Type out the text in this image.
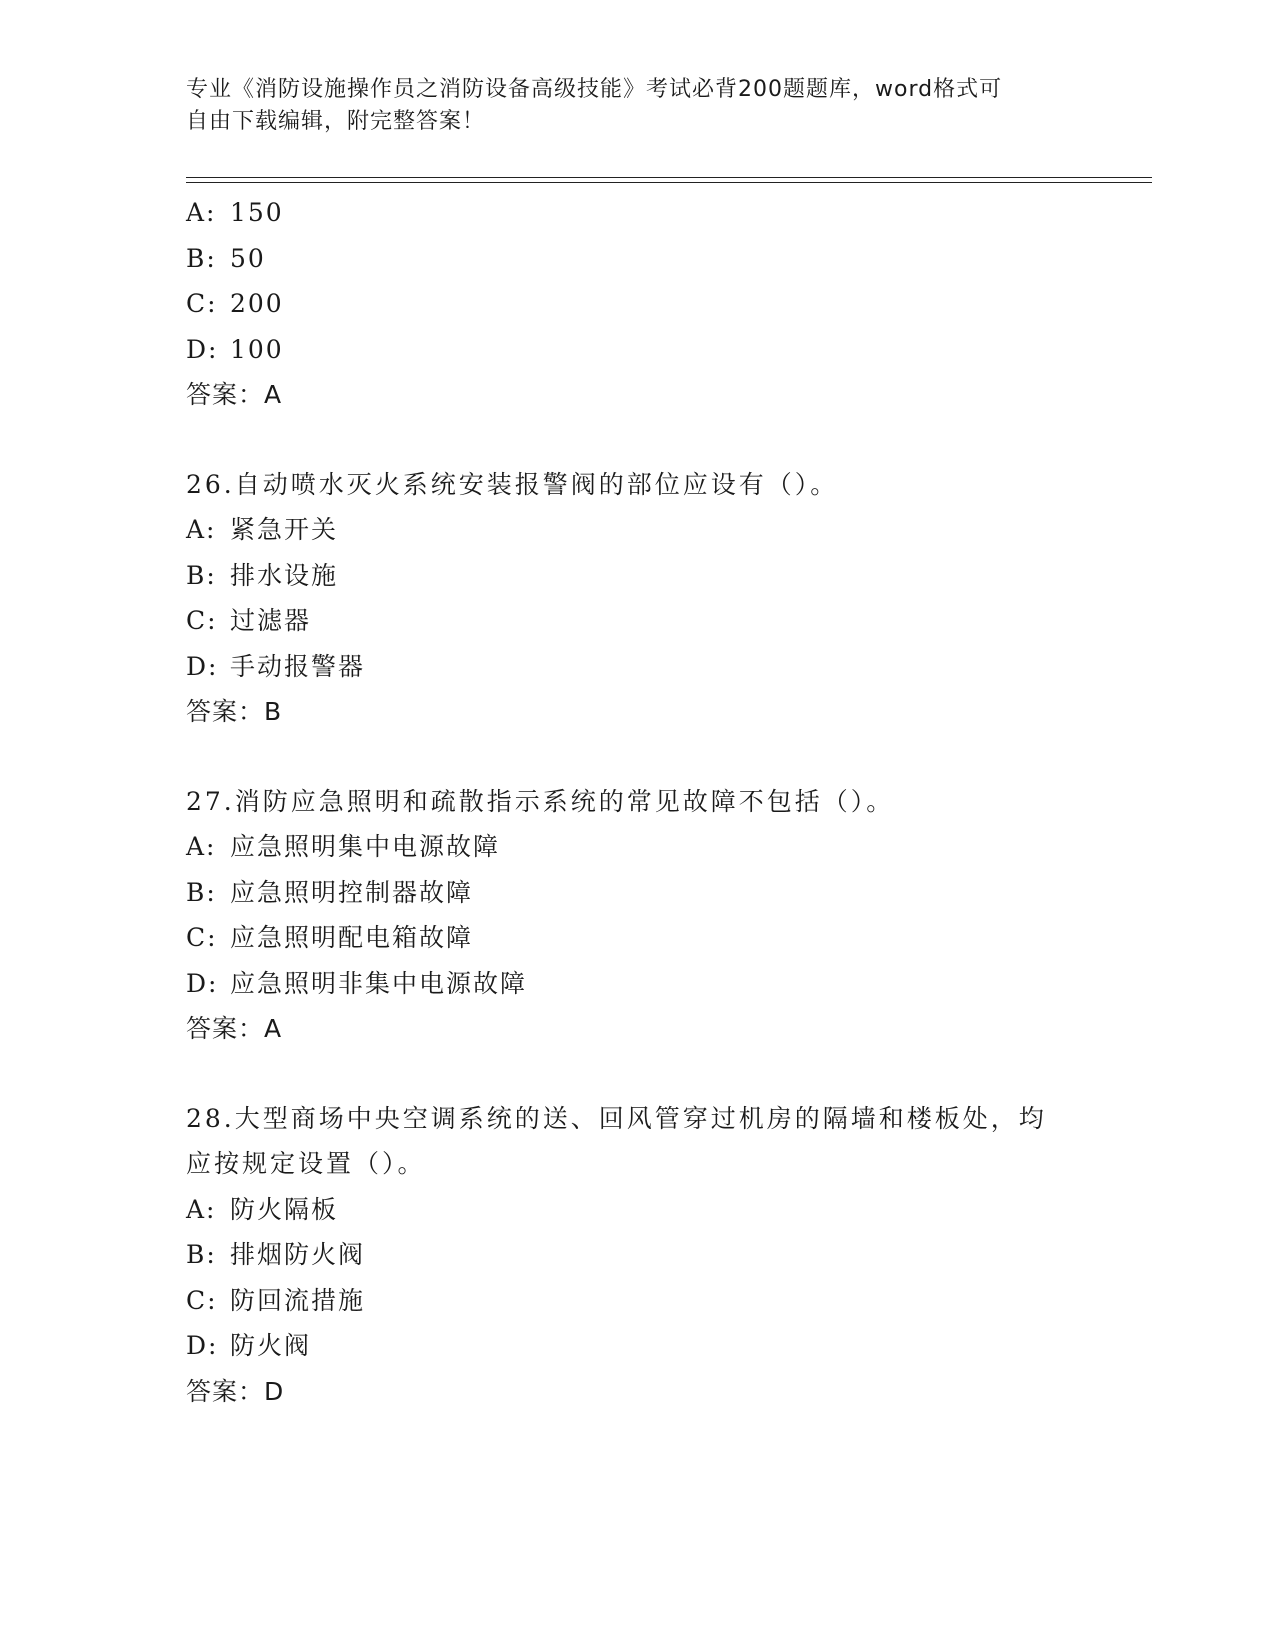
专业《消防设施操作员之消防设备高级技能》考试必背200题题库，word格式可
自由下载编辑，附完整答案！
A: 150
B: 50
C: 200
D: 100
答案：A
26.自动喷水灭火系统安装报警阀的部位应设有（）。
A: 紧急开关
B: 排水设施
C: 过滤器
D: 手动报警器
答案：B
27.消防应急照明和疏散指示系统的常见故障不包括（）。
A: 应急照明集中电源故障
B: 应急照明控制器故障
C: 应急照明配电箱故障
D: 应急照明非集中电源故障
答案：A
28.大型商场中央空调系统的送、回风管穿过机房的隔墙和楼板处，均
应按规定设置（）。
A: 防火隔板
B: 排烟防火阀
C: 防回流措施
D: 防火阀
答案：D
